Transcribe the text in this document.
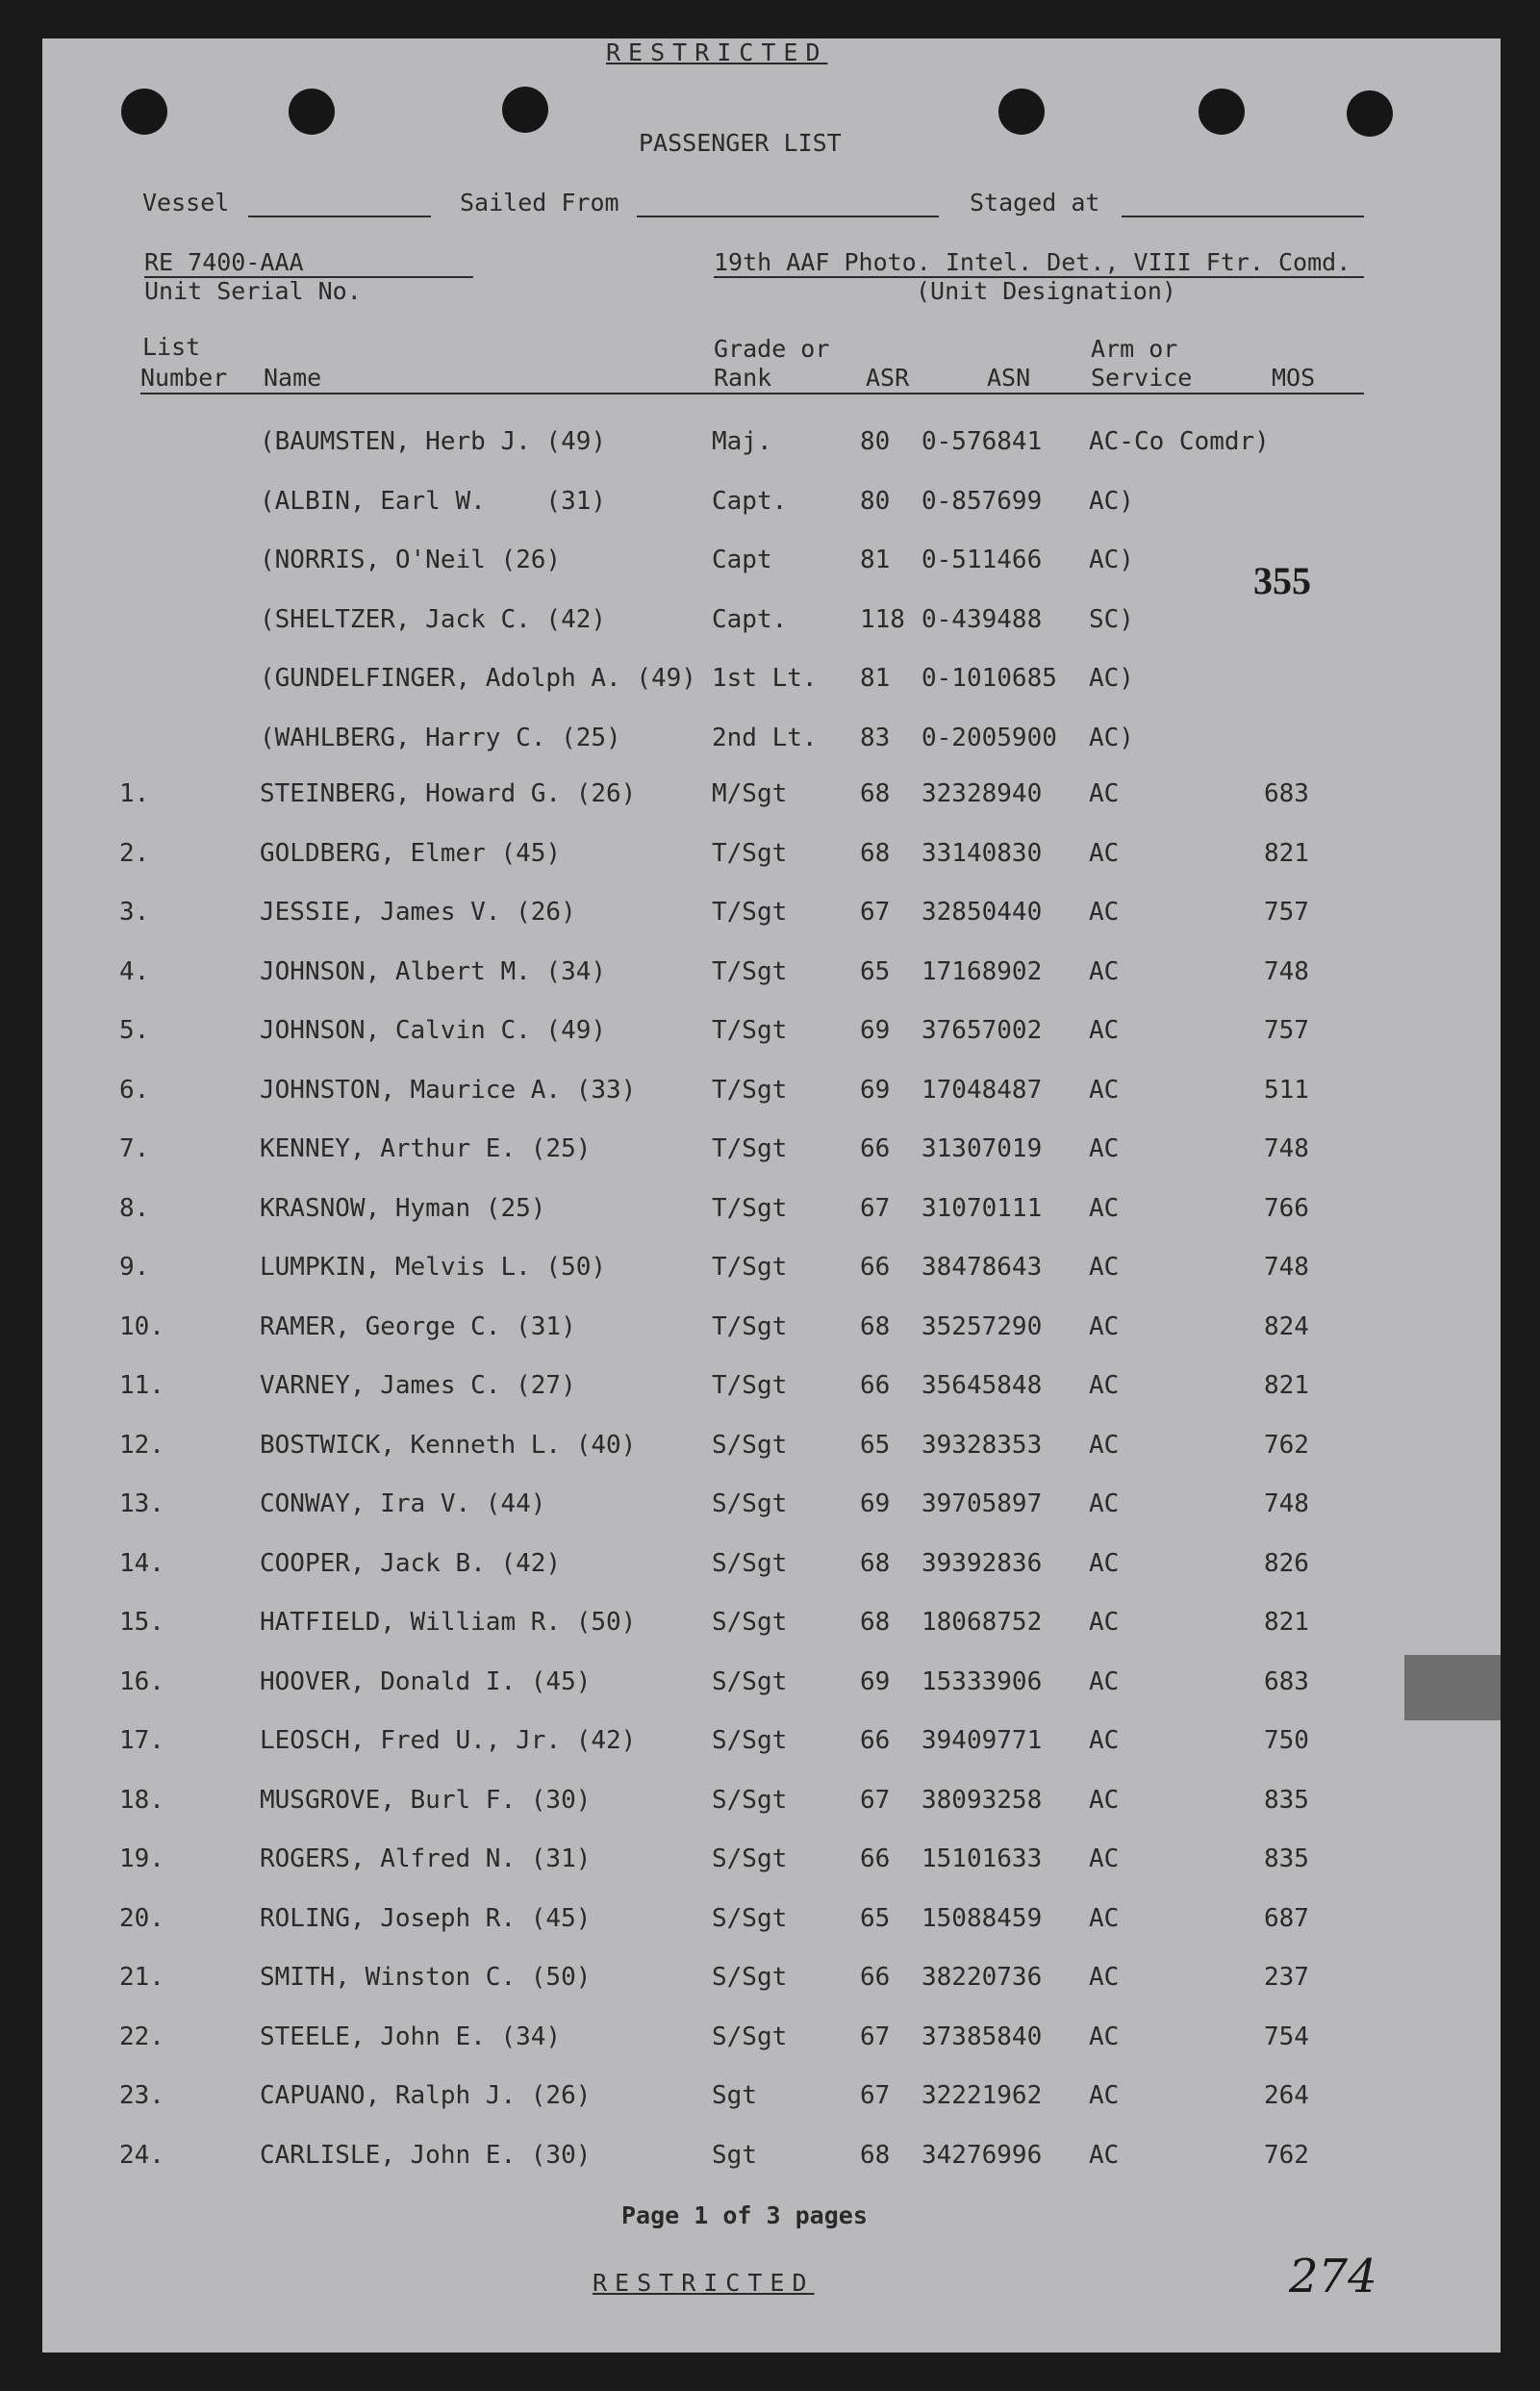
RESTRICTED
PASSENGER LIST
Vessel	Sailed From	Staged at
RE 7400-AAA
Unit Serial No.
19th AAF Photo. Intel. Det., VIII Ftr. Comd.
(Unit Designation)
List
Number Name
Grade or
Rank	ASR	ASN
Arm or
Service	MOS
355
(BAUMSTEN, Herb J. (49)	Maj.	80 0-576841 AC-Co Comdr)
(ALBIN, Earl W.    (31)	Capt.	80 0-857699 AC)
(NORRIS, O'Neil (26)	Capt	81 0-511466 AC)
(SHELTZER, Jack C. (42)	Capt.	118 0-439488 SC)
(GUNDELFINGER, Adolph A. (49) 1st Lt. 81 0-1010685 AC)
(WAHLBERG, Harry C. (25)	2nd Lt. 83 0-2005900 AC)
1.	STEINBERG, Howard G. (26)	M/Sgt	68 32328940 AC	683
2.	GOLDBERG, Elmer (45)	T/Sgt	68 33140830 AC	821
3.	JESSIE, James V. (26)	T/Sgt	67 32850440 AC	757
4.	JOHNSON, Albert M. (34)	T/Sgt	65 17168902 AC	748
5.	JOHNSON, Calvin C. (49)	T/Sgt	69 37657002 AC	757
6.	JOHNSTON, Maurice A. (33)	T/Sgt	69 17048487 AC	511
7.	KENNEY, Arthur E. (25)	T/Sgt	66 31307019 AC	748
8.	KRASNOW, Hyman (25)	T/Sgt	67 31070111 AC	766
9.	LUMPKIN, Melvis L. (50)	T/Sgt	66 38478643 AC	748
10.	RAMER, George C. (31)	T/Sgt	68 35257290 AC	824
11.	VARNEY, James C. (27)	T/Sgt	66 35645848 AC	821
12.	BOSTWICK, Kenneth L. (40)	S/Sgt	65 39328353 AC	762
13.	CONWAY, Ira V. (44)	S/Sgt	69 39705897 AC	748
14.	COOPER, Jack B. (42)	S/Sgt	68 39392836 AC	826
15.	HATFIELD, William R. (50)	S/Sgt	68 18068752 AC	821
16.	HOOVER, Donald I. (45)	S/Sgt	69 15333906 AC	683
17.	LEOSCH, Fred U., Jr. (42)	S/Sgt	66 39409771 AC	750
18.	MUSGROVE, Burl F. (30)	S/Sgt	67 38093258 AC	835
19.	ROGERS, Alfred N. (31)	S/Sgt	66 15101633 AC	835
20.	ROLING, Joseph R. (45)	S/Sgt	65 15088459 AC	687
21.	SMITH, Winston C. (50)	S/Sgt	66 38220736 AC	237
22.	STEELE, John E. (34)	S/Sgt	67 37385840 AC	754
23.	CAPUANO, Ralph J. (26)	Sgt	67 32221962 AC	264
24.	CARLISLE, John E. (30)	Sgt	68 34276996 AC	762
Page 1 of 3 pages
RESTRICTED	274
